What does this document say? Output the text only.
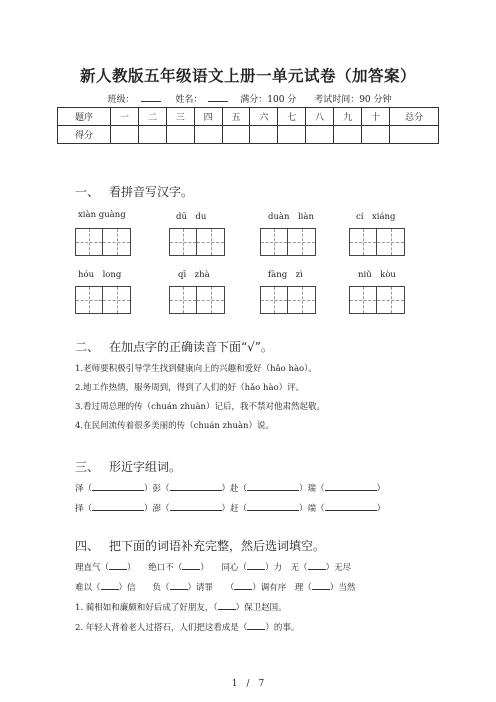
新人教版五年级语文上册一单元试卷（加答案）
班级：	姓名：	满分：100 分 考试时间：90 分钟
题序	一	二	三	四	五	六	七	八	九	十	总分
得分											
一、 看拼音写汉字。
xiàn guàng	dū　du	duàn　liàn	cí　xiáng
hóu　long	qī　zhà	fàng　zì	niǔ　kòu
二、 在加点字的正确读音下面“√”。
1.老师要积极引导学生找到健康向上的兴趣和爱好（hǎo hào）。
2.地工作热情，服务周到，得到了人们的好（hǎo hào）评。
3.看过周总理的传（chuán zhuàn）记后，我不禁对他肃然起敬。
4.在民间流传着很多美丽的传（chuán zhuàn）说。
三、 形近字组词。
泽（	）彭（	）赴（	）瑞（	）
择（	）澎（	）赶（	）端（	）
四、 把下面的词语补充完整，然后选词填空。
理直气（ ）　　绝口不（ ）　　同心（ ）力　无（ ）无尽
难以（ ）信　　负（ ）请罪　　（ ）调有序　理（ ）当然
1. 蔺相如和廉颇和好后成了好朋友，（ ）保卫赵国。
2. 年轻人背着老人过搭石，人们把这看成是（ ）的事。
1　/　7
